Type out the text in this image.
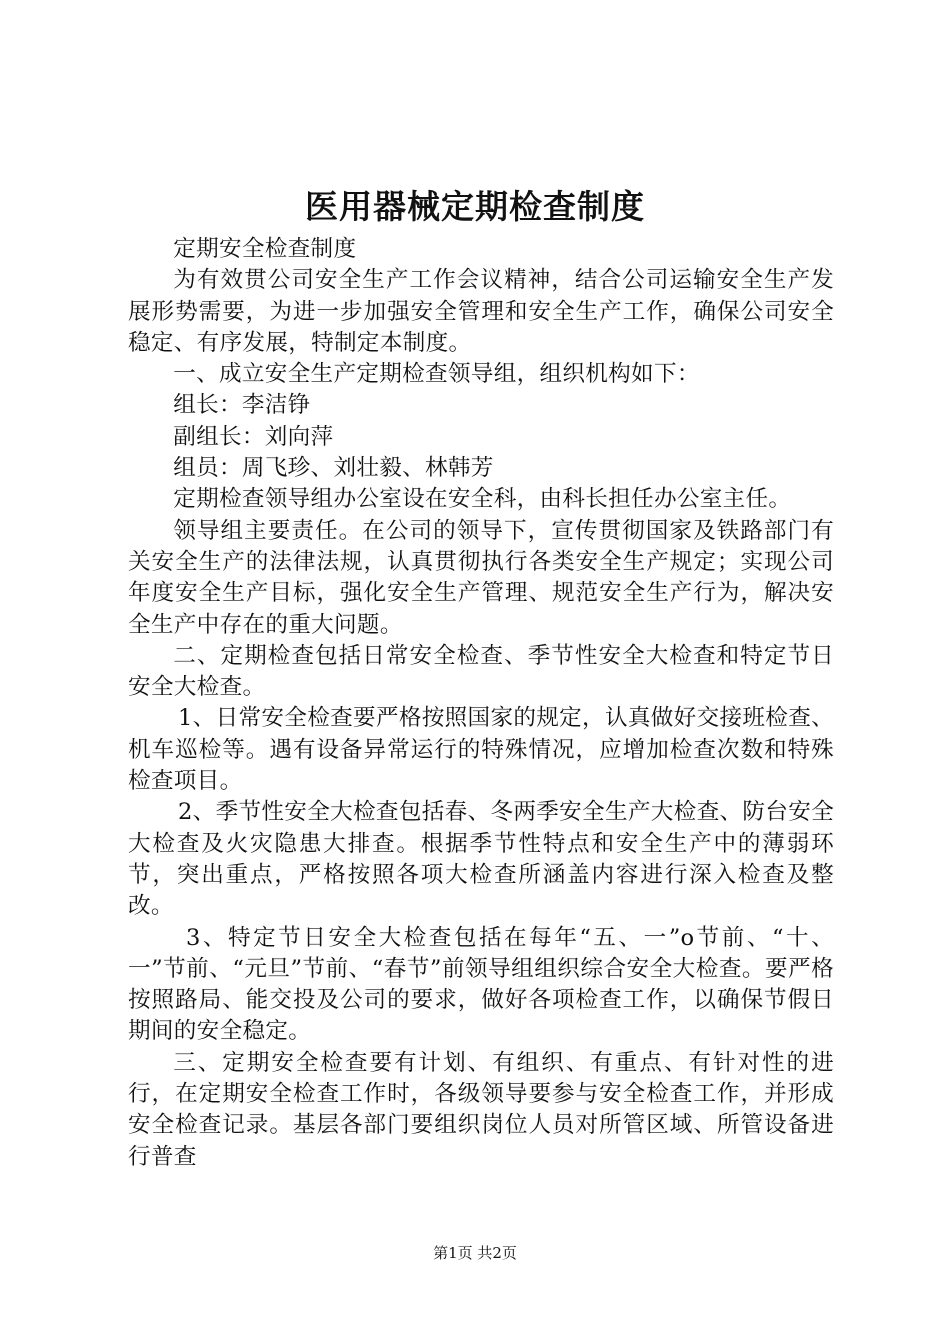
医用器械定期检查制度

定期安全检查制度

为有效贯公司安全生产工作会议精神，结合公司运输安全生产发展形势需要，为进一步加强安全管理和安全生产工作，确保公司安全稳定、有序发展，特制定本制度。

一、成立安全生产定期检查领导组，组织机构如下：

组长：李洁铮

副组长：刘向萍

组员：周飞珍、刘壮毅、林韩芳

定期检查领导组办公室设在安全科，由科长担任办公室主任。

领导组主要责任。在公司的领导下，宣传贯彻国家及铁路部门有关安全生产的法律法规，认真贯彻执行各类安全生产规定；实现公司年度安全生产目标，强化安全生产管理、规范安全生产行为，解决安全生产中存在的重大问题。

二、定期检查包括日常安全检查、季节性安全大检查和特定节日安全大检查。

1、日常安全检查要严格按照国家的规定，认真做好交接班检查、机车巡检等。遇有设备异常运行的特殊情况，应增加检查次数和特殊检查项目。

2、季节性安全大检查包括春、冬两季安全生产大检查、防台安全大检查及火灾隐患大排查。根据季节性特点和安全生产中的薄弱环节，突出重点，严格按照各项大检查所涵盖内容进行深入检查及整改。

3、特定节日安全大检查包括在每年“五、一”o节前、“十、一”节前、“元旦”节前、“春节”前领导组组织综合安全大检查。要严格按照路局、能交投及公司的要求，做好各项检查工作，以确保节假日期间的安全稳定。

三、定期安全检查要有计划、有组织、有重点、有针对性的进行，在定期安全检查工作时，各级领导要参与安全检查工作，并形成安全检查记录。基层各部门要组织岗位人员对所管区域、所管设备进行普查

第1页 共2页
